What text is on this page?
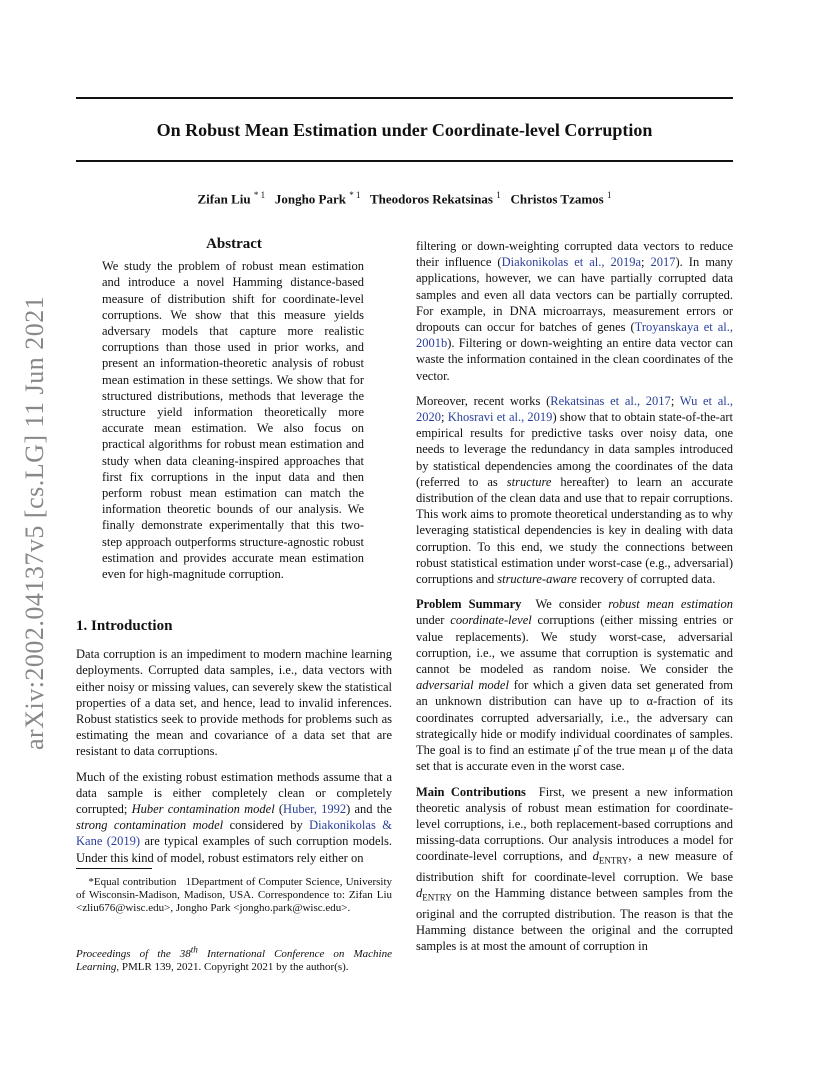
On Robust Mean Estimation under Coordinate-level Corruption
Zifan Liu $^{* 1}$ Jongho Park $^{* 1}$ Theodoros Rekatsinas $^1$ Christos Tzamos $^1$
arXiv:2002.04137v5 [cs.LG] 11 Jun 2021

Abstract

We study the problem of robust mean estimation and introduce a novel Hamming distance-based measure of distribution shift for coordinate-level corruptions. We show that this measure yields adversary models that capture more realistic corruptions than those used in prior works, and present an information-theoretic analysis of robust mean estimation in these settings. We show that for structured distributions, methods that leverage the structure yield information theoretically more accurate mean estimation. We also focus on practical algorithms for robust mean estimation and study when data cleaning-inspired approaches that first fix corruptions in the input data and then perform robust mean estimation can match the information theoretic bounds of our analysis. We finally demonstrate experimentally that this two-step approach outperforms structure-agnostic robust estimation and provides accurate mean estimation even for high-magnitude corruption.

1. Introduction

Data corruption is an impediment to modern machine learning deployments. Corrupted data samples, i.e., data vectors with either noisy or missing values, can severely skew the statistical properties of a data set, and hence, lead to invalid inferences. Robust statistics seek to provide methods for problems such as estimating the mean and covariance of a data set that are resistant to data corruptions.

Much of the existing robust estimation methods assume that a data sample is either completely clean or completely corrupted; Huber contamination model (Huber, 1992) and the strong contamination model considered by Diakonikolas & Kane (2019) are typical examples of such corruption models. Under this kind of model, robust estimators rely either on

*Equal contribution 1Department of Computer Science, University of Wisconsin-Madison, Madison, USA. Correspondence to: Zifan Liu <zliu676@wisc.edu>, Jongho Park <jongho.park@wisc.edu>.

Proceedings of the 38th International Conference on Machine Learning, PMLR 139, 2021. Copyright 2021 by the author(s).

filtering or down-weighting corrupted data vectors to reduce their influence (Diakonikolas et al., 2019a; 2017). In many applications, however, we can have partially corrupted data samples and even all data vectors can be partially corrupted. For example, in DNA microarrays, measurement errors or dropouts can occur for batches of genes (Troyanskaya et al., 2001b). Filtering or down-weighting an entire data vector can waste the information contained in the clean coordinates of the vector.

Moreover, recent works (Rekatsinas et al., 2017; Wu et al., 2020; Khosravi et al., 2019) show that to obtain state-of-the-art empirical results for predictive tasks over noisy data, one needs to leverage the redundancy in data samples introduced by statistical dependencies among the coordinates of the data (referred to as structure hereafter) to learn an accurate distribution of the clean data and use that to repair corruptions. This work aims to promote theoretical understanding as to why leveraging statistical dependencies is key in dealing with data corruption. To this end, we study the connections between robust statistical estimation under worst-case (e.g., adversarial) corruptions and structure-aware recovery of corrupted data.

Problem Summary We consider robust mean estimation under coordinate-level corruptions (either missing entries or value replacements). We study worst-case, adversarial corruption, i.e., we assume that corruption is systematic and cannot be modeled as random noise. We consider the adversarial model for which a given data set generated from an unknown distribution can have up to α-fraction of its coordinates corrupted adversarially, i.e., the adversary can strategically hide or modify individual coordinates of samples. The goal is to find an estimate μ̂ of the true mean μ of the data set that is accurate even in the worst case.

Main Contributions First, we present a new information theoretic analysis of robust mean estimation for coordinate-level corruptions, i.e., both replacement-based corruptions and missing-data corruptions. Our analysis introduces a model for coordinate-level corruptions, and $d_{ENTRY}$, a new measure of distribution shift for coordinate-level corruption. We base $d_{ENTRY}$ on the Hamming distance between samples from the original and the corrupted distribution. The reason is that the Hamming distance between the original and the corrupted samples is at most the amount of corruption in
